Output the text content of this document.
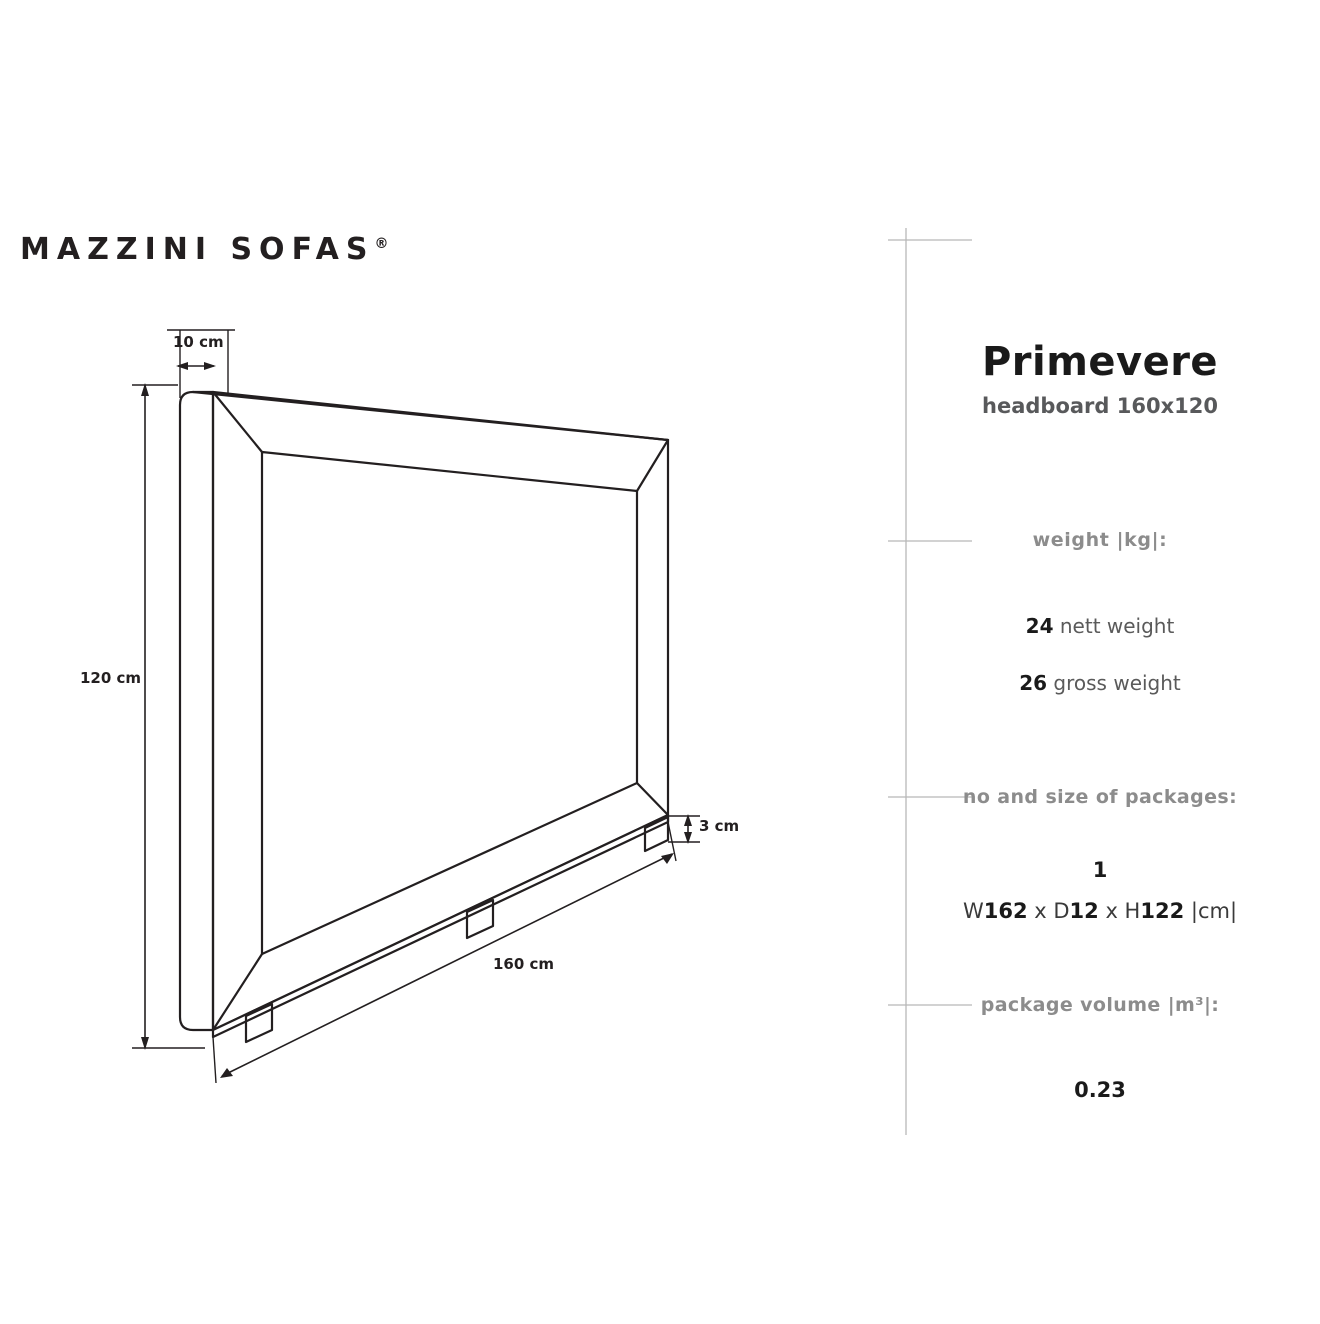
MAZZINI SOFAS®
10 cm
120 cm
3 cm
160 cm
Primevere
headboard 160x120
weight |kg|:
24 nett weight
26 gross weight
no and size of packages:
1
W162 x D12 x H122 |cm|
package volume |m³|:
0.23
